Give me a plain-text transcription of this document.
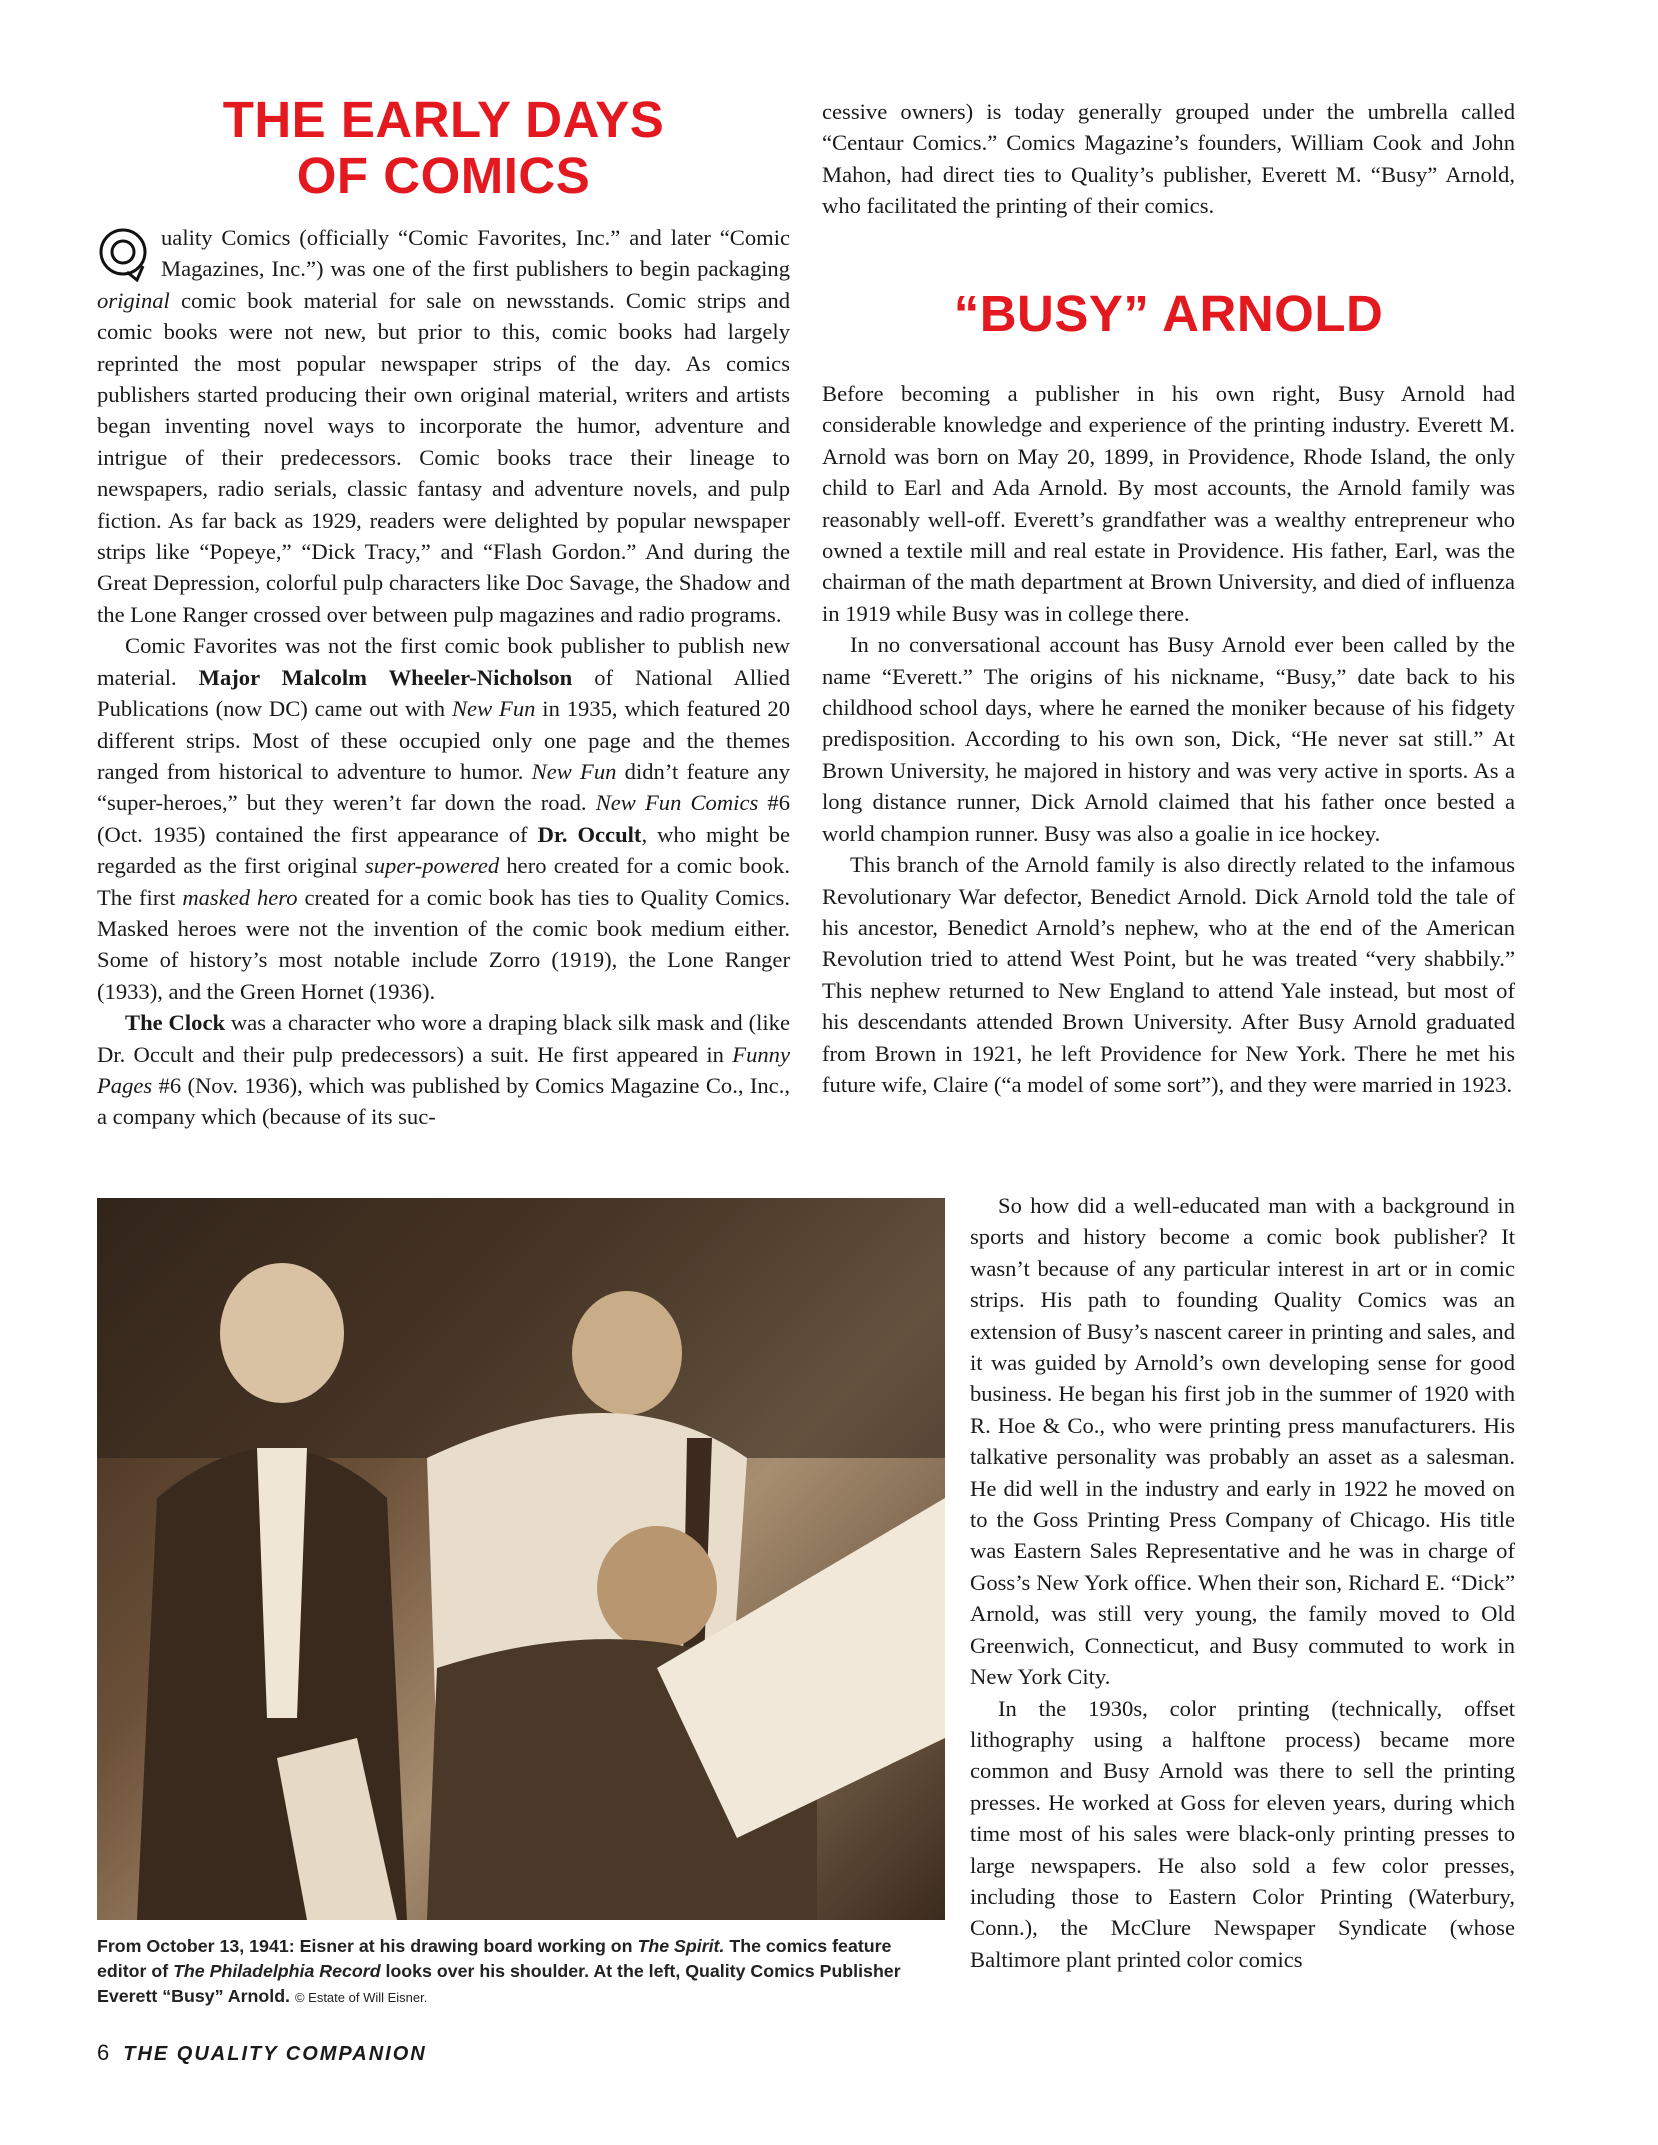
THE EARLY DAYS
OF COMICS
uality Comics (officially “Comic Favorites, Inc.” and later “Comic Magazines, Inc.”) was one of the first publishers to begin packaging original comic book material for sale on newsstands. Comic strips and comic books were not new, but prior to this, comic books had largely reprinted the most popular newspaper strips of the day. As comics publishers started producing their own original material, writers and artists began inventing novel ways to incorporate the humor, adventure and intrigue of their predecessors. Comic books trace their lineage to newspapers, radio serials, classic fantasy and adventure novels, and pulp fiction. As far back as 1929, readers were delighted by popular newspaper strips like “Popeye,” “Dick Tracy,” and “Flash Gordon.” And during the Great Depression, colorful pulp characters like Doc Savage, the Shadow and the Lone Ranger crossed over between pulp magazines and radio programs.

Comic Favorites was not the first comic book publisher to publish new material. Major Malcolm Wheeler-Nicholson of National Allied Publications (now DC) came out with New Fun in 1935, which featured 20 different strips. Most of these occupied only one page and the themes ranged from historical to adventure to humor. New Fun didn’t feature any “super-heroes,” but they weren’t far down the road. New Fun Comics #6 (Oct. 1935) contained the first appearance of Dr. Occult, who might be regarded as the first original super-powered hero created for a comic book. The first masked hero created for a comic book has ties to Quality Comics. Masked heroes were not the invention of the comic book medium either. Some of history’s most notable include Zorro (1919), the Lone Ranger (1933), and the Green Hornet (1936).

The Clock was a character who wore a draping black silk mask and (like Dr. Occult and their pulp predecessors) a suit. He first appeared in Funny Pages #6 (Nov. 1936), which was published by Comics Magazine Co., Inc., a company which (because of its suc-

From October 13, 1941: Eisner at his drawing board working on The Spirit. The comics feature editor of The Philadelphia Record looks over his shoulder. At the left, Quality Comics Publisher Everett “Busy” Arnold. © Estate of Will Eisner.

cessive owners) is today generally grouped under the umbrella called “Centaur Comics.” Comics Magazine’s founders, William Cook and John Mahon, had direct ties to Quality’s publisher, Everett M. “Busy” Arnold, who facilitated the printing of their comics.

“BUSY” ARNOLD

Before becoming a publisher in his own right, Busy Arnold had considerable knowledge and experience of the printing industry. Everett M. Arnold was born on May 20, 1899, in Providence, Rhode Island, the only child to Earl and Ada Arnold. By most accounts, the Arnold family was reasonably well-off. Everett’s grandfather was a wealthy entrepreneur who owned a textile mill and real estate in Providence. His father, Earl, was the chairman of the math department at Brown University, and died of influenza in 1919 while Busy was in college there.

In no conversational account has Busy Arnold ever been called by the name “Everett.” The origins of his nickname, “Busy,” date back to his childhood school days, where he earned the moniker because of his fidgety predisposition. According to his own son, Dick, “He never sat still.” At Brown University, he majored in history and was very active in sports. As a long distance runner, Dick Arnold claimed that his father once bested a world champion runner. Busy was also a goalie in ice hockey.

This branch of the Arnold family is also directly related to the infamous Revolutionary War defector, Benedict Arnold. Dick Arnold told the tale of his ancestor, Benedict Arnold’s nephew, who at the end of the American Revolution tried to attend West Point, but he was treated “very shabbily.” This nephew returned to New England to attend Yale instead, but most of his descendants attended Brown University. After Busy Arnold graduated from Brown in 1921, he left Providence for New York. There he met his future wife, Claire (“a model of some sort”), and they were married in 1923.

So how did a well-educated man with a background in sports and history become a comic book publisher? It wasn’t because of any particular interest in art or in comic strips. His path to founding Quality Comics was an extension of Busy’s nascent career in printing and sales, and it was guided by Arnold’s own developing sense for good business. He began his first job in the summer of 1920 with R. Hoe & Co., who were printing press manufacturers. His talkative personality was probably an asset as a salesman. He did well in the industry and early in 1922 he moved on to the Goss Printing Press Company of Chicago. His title was Eastern Sales Representative and he was in charge of Goss’s New York office. When their son, Richard E. “Dick” Arnold, was still very young, the family moved to Old Greenwich, Connecticut, and Busy commuted to work in New York City.

In the 1930s, color printing (technically, offset lithography using a halftone process) became more common and Busy Arnold was there to sell the printing presses. He worked at Goss for eleven years, during which time most of his sales were black-only printing presses to large newspapers. He also sold a few color presses, including those to Eastern Color Printing (Waterbury, Conn.), the McClure Newspaper Syndicate (whose Baltimore plant printed color comics

6 THE QUALITY COMPANION
